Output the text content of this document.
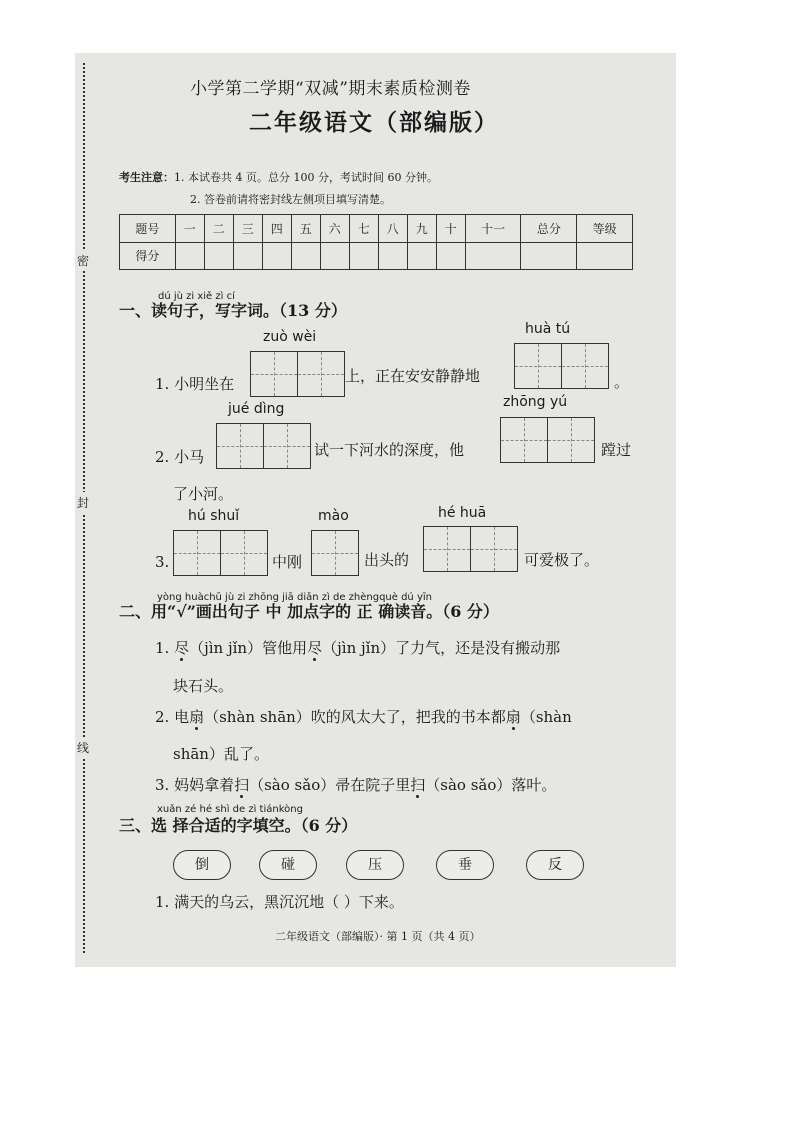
密
封
线
小学第二学期“双减”期末素质检测卷
二年级语文（部编版）
考生注意：1. 本试卷共 4 页。总分 100 分，考试时间 60 分钟。
2. 答卷前请将密封线左侧项目填写清楚。
题号	一	二	三	四	五	六	七	八	九	十	十一	总分	等级
得分													
dú jù zi xiě zì cí
一、读句子，写字词。（13 分）
zuò wèi
1. 小明坐在	上，正在安安静静地
huà tú
。
jué dìng
2. 小马	试一下河水的深度，他
zhōng yú
蹚过
了小河。
hú shuǐ
3.	中刚
mào
出头的
hé huā
可爱极了。
yòng huàchū jù zi zhōng jiā diǎn zì de zhèngquè dú yīn
二、用“√”画出句子 中 加点字的 正 确读音。（6 分）
1. 尽（jìn jǐn）管他用尽（jìn jǐn）了力气，还是没有搬动那
块石头。
2. 电扇（shàn shān）吹的风太大了，把我的书本都扇（shàn
shān）乱了。
3. 妈妈拿着扫（sào sǎo）帚在院子里扫（sào sǎo）落叶。
xuǎn zé hé shì de zì tiánkòng
三、选 择合适的字填空。（6 分）
倒	碰	压	垂	反
1. 满天的乌云，黑沉沉地（ ）下来。
二年级语文（部编版）· 第 1 页（共 4 页）
